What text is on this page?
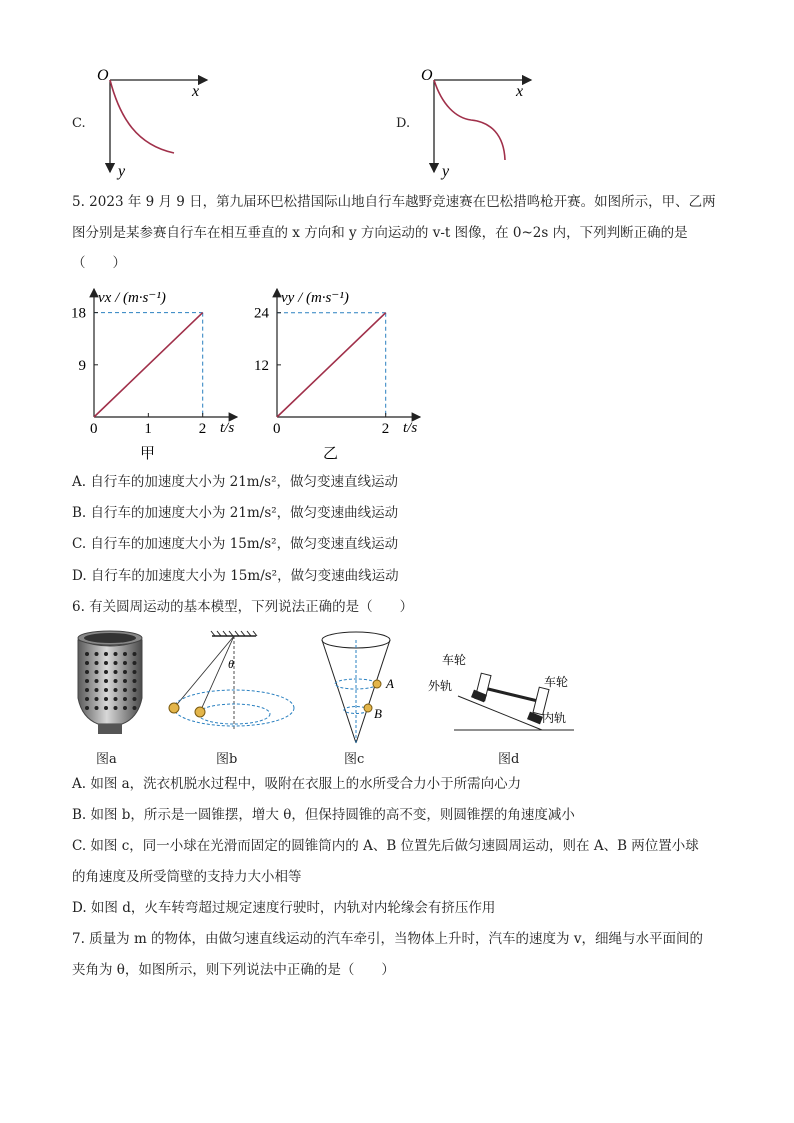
C.
O
x
y
D.
O
x
y
5. 2023 年 9 月 9 日，第九届环巴松措国际山地自行车越野竞速赛在巴松措鸣枪开赛。如图所示，甲、乙两
图分别是某参赛自行车在相互垂直的 x 方向和 y 方向运动的 v-t 图像，在 0~2s 内，下列判断正确的是
（　　）
0	1	2
9
18
vx / (m·s⁻¹)
t/s
甲
0	2
12
24
vy / (m·s⁻¹)
t/s
乙
A. 自行车的加速度大小为 21m/s²，做匀变速直线运动
B. 自行车的加速度大小为 21m/s²，做匀变速曲线运动
C. 自行车的加速度大小为 15m/s²，做匀变速直线运动
D. 自行车的加速度大小为 15m/s²，做匀变速曲线运动
6. 有关圆周运动的基本模型，下列说法正确的是（　　）
图a
θ
图b
A
B
图c
车轮
外轨	车轮
内轨
图d
A. 如图 a，洗衣机脱水过程中，吸附在衣服上的水所受合力小于所需向心力
B. 如图 b，所示是一圆锥摆，增大 θ，但保持圆锥的高不变，则圆锥摆的角速度减小
C. 如图 c，同一小球在光滑而固定的圆锥筒内的 A、B 位置先后做匀速圆周运动，则在 A、B 两位置小球
的角速度及所受筒壁的支持力大小相等
D. 如图 d，火车转弯超过规定速度行驶时，内轨对内轮缘会有挤压作用
7. 质量为 m 的物体，由做匀速直线运动的汽车牵引，当物体上升时，汽车的速度为 v，细绳与水平面间的
夹角为 θ，如图所示，则下列说法中正确的是（　　）
